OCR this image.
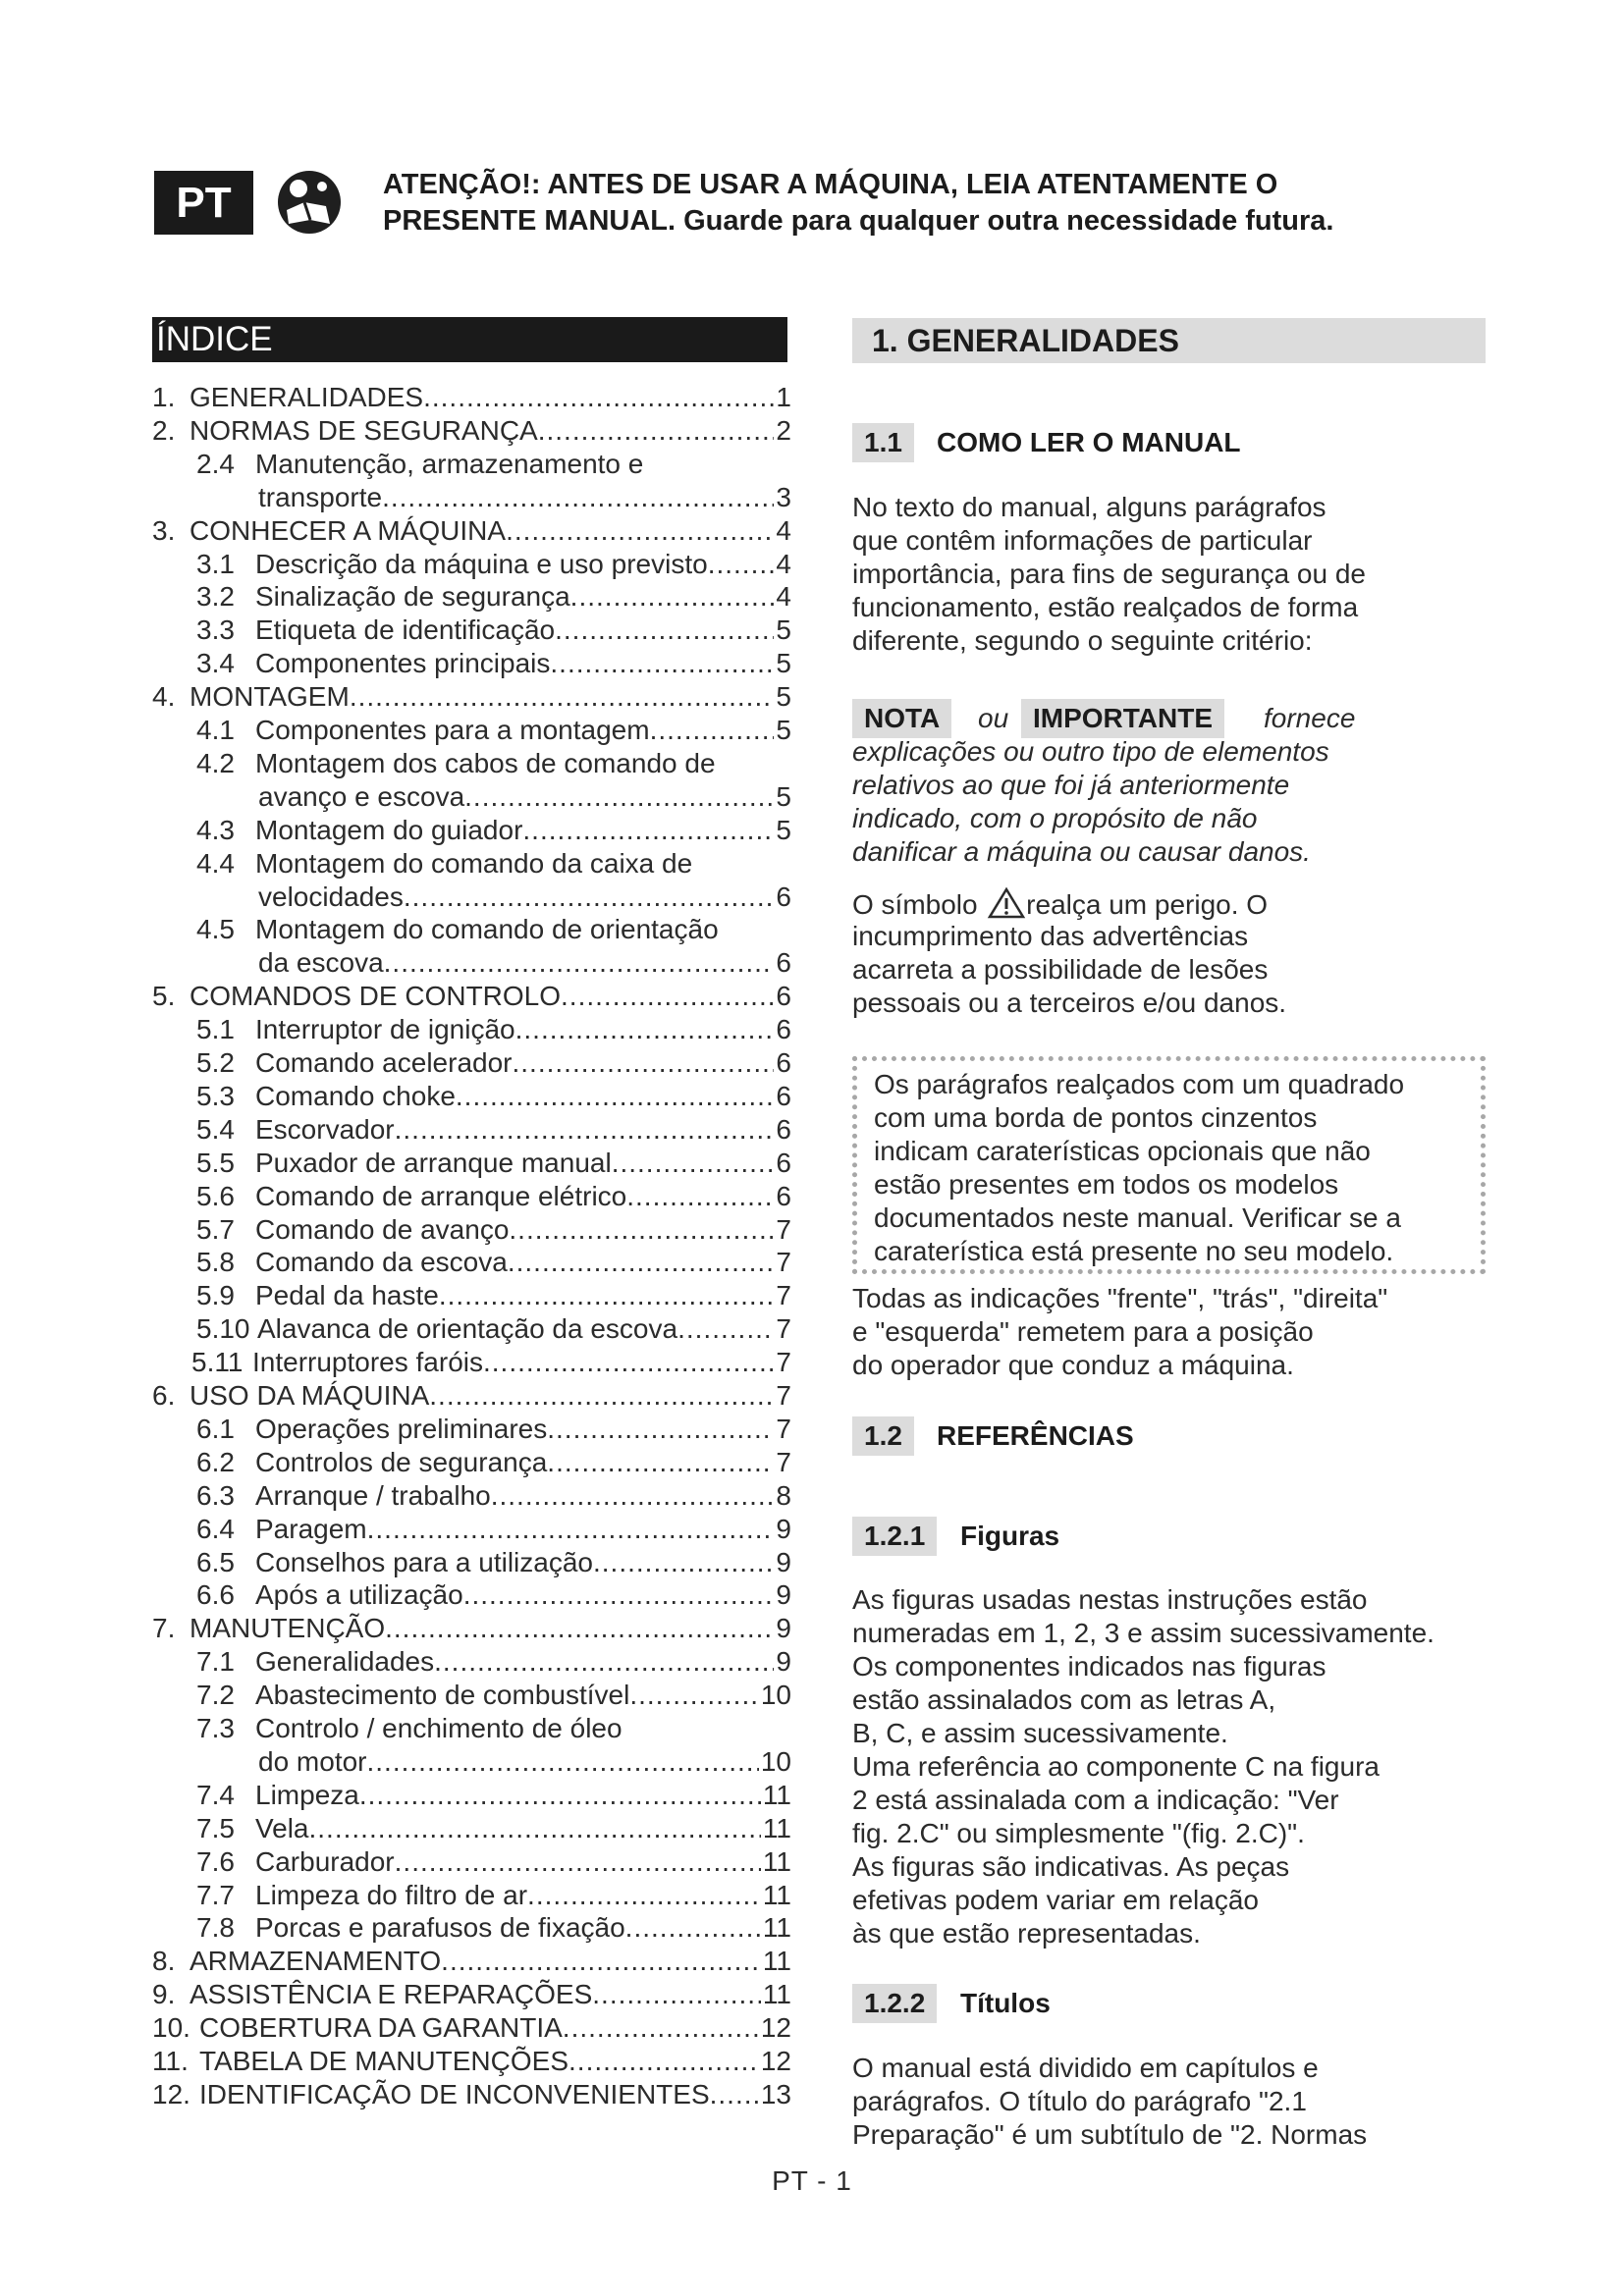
PT	ATENÇÃO!: ANTES DE USAR A MÁQUINA, LEIA ATENTAMENTE O
PRESENTE MANUAL. Guarde para qualquer outra necessidade futura.
ÍNDICE
1. GENERALIDADES .....	1
2. NORMAS DE SEGURANÇA .....	2
2.4 Manutenção, armazenamento e
transporte .....	3
3. CONHECER A MÁQUINA .....	4
3.1 Descrição da máquina e uso previsto ..... 4
3.2 Sinalização de segurança .....	4
3.3 Etiqueta de identificação .....	5
3.4 Componentes principais .....	5
4. MONTAGEM .....	5
4.1 Componentes para a montagem .....	5
4.2 Montagem dos cabos de comando de
avanço e escova .....	5
4.3 Montagem do guiador .....	5
4.4 Montagem do comando da caixa de
velocidades .....	6
4.5 Montagem do comando de orientação
da escova .....	6
5. COMANDOS DE CONTROLO .....	6
5.1 Interruptor de ignição .....	6
5.2 Comando acelerador .....	6
5.3 Comando choke .....	6
5.4 Escorvador .....	6
5.5 Puxador de arranque manual .....	6
5.6 Comando de arranque elétrico .....	6
5.7 Comando de avanço .....	7
5.8 Comando da escova .....	7
5.9 Pedal da haste .....	7
5.10 Alavanca de orientação da escova .....	7
5.11 Interruptores faróis .....	7
6. USO DA MÁQUINA .....	7
6.1 Operações preliminares .....	7
6.2 Controlos de segurança .....	7
6.3 Arranque / trabalho .....	8
6.4 Paragem .....	9
6.5 Conselhos para a utilização .....	9
6.6 Após a utilização .....	9
7. MANUTENÇÃO .....	9
7.1 Generalidades .....	9
7.2 Abastecimento de combustível .....	10
7.3 Controlo / enchimento de óleo
do motor .....	10
7.4 Limpeza .....	11
7.5 Vela .....	11
7.6 Carburador .....	11
7.7 Limpeza do filtro de ar .....	11
7.8 Porcas e parafusos de fixação .....	11
8. ARMAZENAMENTO .....	11
9. ASSISTÊNCIA E REPARAÇÕES .....	11
10. COBERTURA DA GARANTIA .....	12
11. TABELA DE MANUTENÇÕES .....	12
12. IDENTIFICAÇÃO DE INCONVENIENTES ..... 13
1. GENERALIDADES
1.1	COMO LER O MANUAL
No texto do manual, alguns parágrafos
que contêm informações de particular
importância, para fins de segurança ou de
funcionamento, estão realçados de forma
diferente, segundo o seguinte critério:
NOTA	ou IMPORTANTE	fornece
explicações ou outro tipo de elementos
relativos ao que foi já anteriormente
indicado, com o propósito de não
danificar a máquina ou causar danos.
O símbolo realça um perigo. O
incumprimento das advertências
acarreta a possibilidade de lesões
pessoais ou a terceiros e/ou danos.
Os parágrafos realçados com um quadrado
com uma borda de pontos cinzentos
indicam caraterísticas opcionais que não
estão presentes em todos os modelos
documentados neste manual. Verificar se a
caraterística está presente no seu modelo.
Todas as indicações "frente", "trás", "direita"
e "esquerda" remetem para a posição
do operador que conduz a máquina.
1.2	REFERÊNCIAS
1.2.1	Figuras
As figuras usadas nestas instruções estão
numeradas em 1, 2, 3 e assim sucessivamente.
Os componentes indicados nas figuras
estão assinalados com as letras A,
B, C, e assim sucessivamente.
Uma referência ao componente C na figura
2 está assinalada com a indicação: "Ver
fig. 2.C" ou simplesmente "(fig. 2.C)".
As figuras são indicativas. As peças
efetivas podem variar em relação
às que estão representadas.
1.2.2	Títulos
O manual está dividido em capítulos e
parágrafos. O título do parágrafo "2.1
Preparação" é um subtítulo de "2. Normas
PT - 1
